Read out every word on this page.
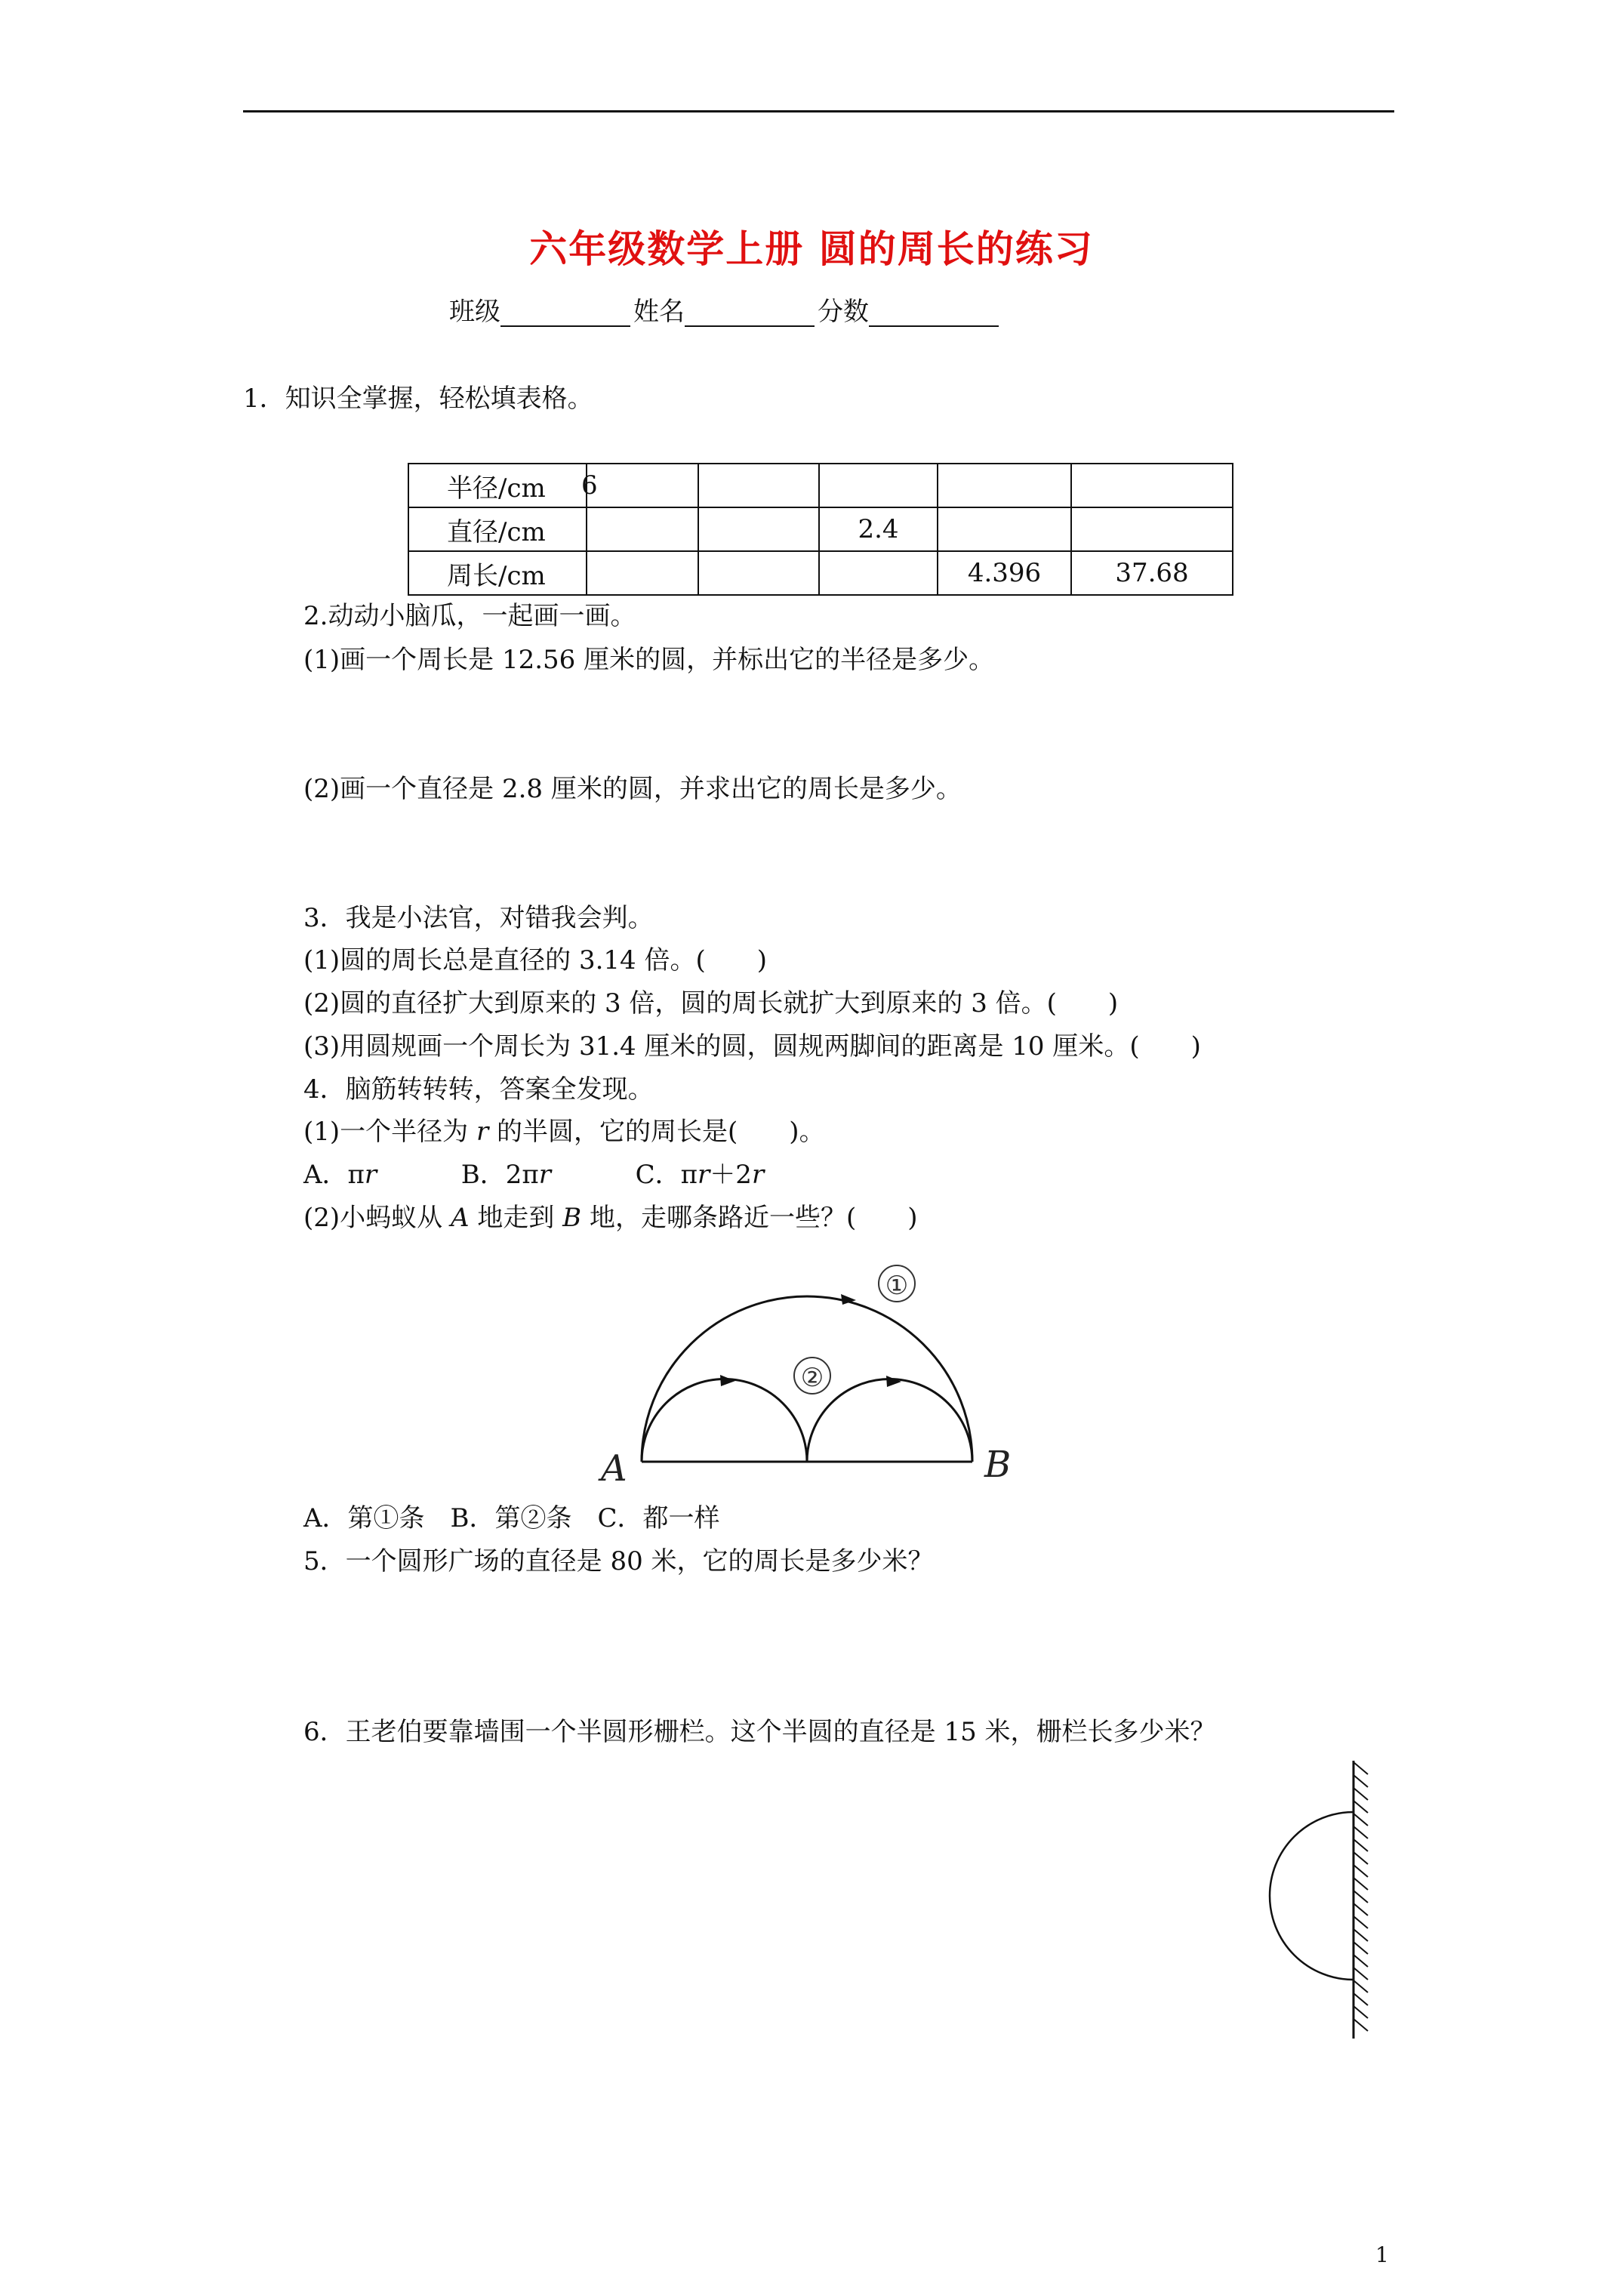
六年级数学上册 圆的周长的练习
班级	姓名	分数
1．知识全掌握，轻松填表格。
半径/cm	6				
直径/cm			2.4		
周长/cm				4.396	37.68
2.动动小脑瓜，一起画一画。
(1)画一个周长是 12.56 厘米的圆，并标出它的半径是多少。
(2)画一个直径是 2.8 厘米的圆，并求出它的周长是多少。
3．我是小法官，对错我会判。
(1)圆的周长总是直径的 3.14 倍。(　　)
(2)圆的直径扩大到原来的 3 倍，圆的周长就扩大到原来的 3 倍。(　　)
(3)用圆规画一个周长为 31.4 厘米的圆，圆规两脚间的距离是 10 厘米。(　　)
4．脑筋转转转，答案全发现。
(1)一个半径为 r 的半圆，它的周长是(　　)。
A．πr	B．2πr	C．πr＋2r
(2)小蚂蚁从 A 地走到 B 地，走哪条路近一些？(　　)
①
②
A	B
A．第①条　B．第②条　C．都一样
5．一个圆形广场的直径是 80 米，它的周长是多少米？
6．王老伯要靠墙围一个半圆形栅栏。这个半圆的直径是 15 米，栅栏长多少米？
1
